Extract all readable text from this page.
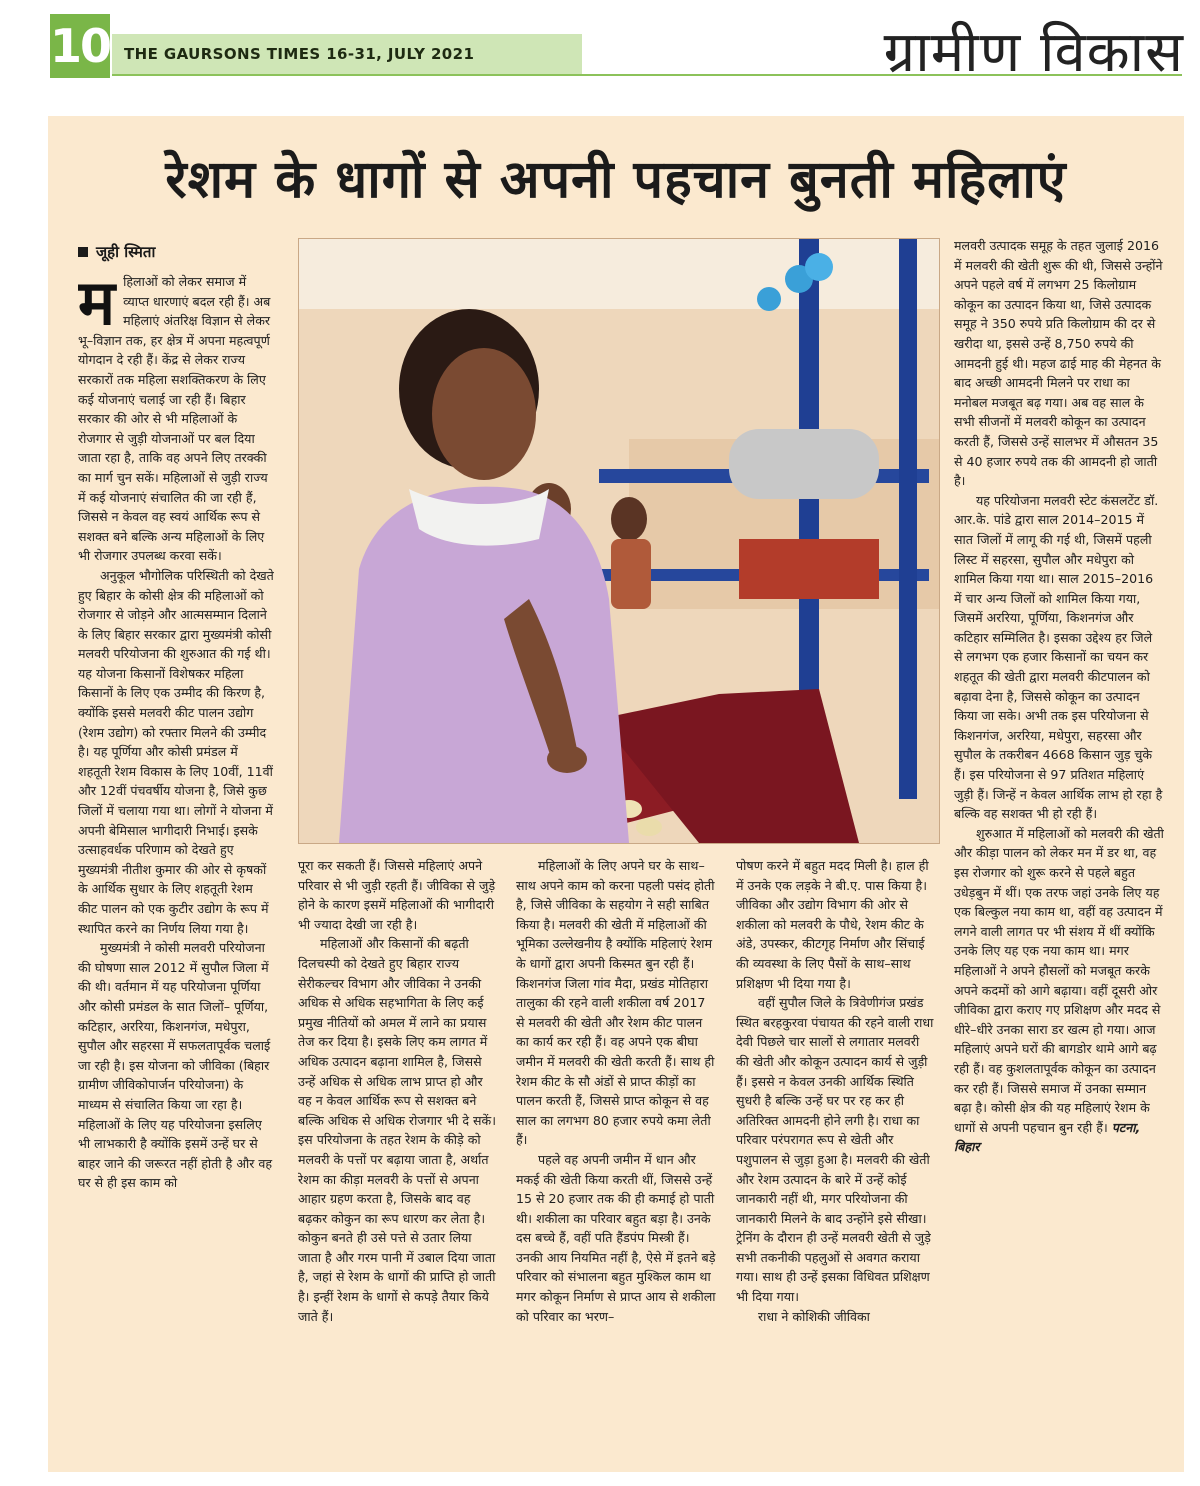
10 THE GAURSONS TIMES 16-31, JULY 2021	ग्रामीण विकास
रेशम के धागों से अपनी पहचान बुनती महिलाएं
जूही स्मिता

महिलाओं को लेकर समाज में व्याप्त धारणाएं बदल रही हैं। अब महिलाएं अंतरिक्ष विज्ञान से लेकर भू–विज्ञान तक, हर क्षेत्र में अपना महत्वपूर्ण योगदान दे रही हैं। केंद्र से लेकर राज्य सरकारों तक महिला सशक्तिकरण के लिए कई योजनाएं चलाई जा रही हैं। बिहार सरकार की ओर से भी महिलाओं के रोजगार से जुड़ी योजनाओं पर बल दिया जाता रहा है, ताकि वह अपने लिए तरक्की का मार्ग चुन सकें। महिलाओं से जुड़ी राज्य में कई योजनाएं संचालित की जा रही हैं, जिससे न केवल वह स्वयं आर्थिक रूप से सशक्त बने बल्कि अन्य महिलाओं के लिए भी रोजगार उपलब्ध करवा सकें।

अनुकूल भौगोलिक परिस्थिती को देखते हुए बिहार के कोसी क्षेत्र की महिलाओं को रोजगार से जोड़ने और आत्मसम्मान दिलाने के लिए बिहार सरकार द्वारा मुख्यमंत्री कोसी मलवरी परियोजना की शुरुआत की गई थी। यह योजना किसानों विशेषकर महिला किसानों के लिए एक उम्मीद की किरण है, क्योंकि इससे मलवरी कीट पालन उद्योग (रेशम उद्योग) को रफ्तार मिलने की उम्मीद है। यह पूर्णिया और कोसी प्रमंडल में शहतूती रेशम विकास के लिए 10वीं, 11वीं और 12वीं पंचवर्षीय योजना है, जिसे कुछ जिलों में चलाया गया था। लोगों ने योजना में अपनी बेमिसाल भागीदारी निभाई। इसके उत्साहवर्धक परिणाम को देखते हुए मुख्यमंत्री नीतीश कुमार की ओर से कृषकों के आर्थिक सुधार के लिए शहतूती रेशम कीट पालन को एक कुटीर उद्योग के रूप में स्थापित करने का निर्णय लिया गया है।

मुख्यमंत्री ने कोसी मलवरी परियोजना की घोषणा साल 2012 में सुपौल जिला में की थी। वर्तमान में यह परियोजना पूर्णिया और कोसी प्रमंडल के सात जिलों– पूर्णिया, कटिहार, अररिया, किशनगंज, मधेपुरा, सुपौल और सहरसा में सफलतापूर्वक चलाई जा रही है। इस योजना को जीविका (बिहार ग्रामीण जीविकोपार्जन परियोजना) के माध्यम से संचालित किया जा रहा है। महिलाओं के लिए यह परियोजना इसलिए भी लाभकारी है क्योंकि इसमें उन्हें घर से बाहर जाने की जरूरत नहीं होती है और वह घर से ही इस काम को

पूरा कर सकती हैं। जिससे महिलाएं अपने परिवार से भी जुड़ी रहती हैं। जीविका से जुड़े होने के कारण इसमें महिलाओं की भागीदारी भी ज्यादा देखी जा रही है।

महिलाओं और किसानों की बढ़ती दिलचस्पी को देखते हुए बिहार राज्य सेरीकल्चर विभाग और जीविका ने उनकी अधिक से अधिक सहभागिता के लिए कई प्रमुख नीतियों को अमल में लाने का प्रयास तेज कर दिया है। इसके लिए कम लागत में अधिक उत्पादन बढ़ाना शामिल है, जिससे उन्हें अधिक से अधिक लाभ प्राप्त हो और वह न केवल आर्थिक रूप से सशक्त बने बल्कि अधिक से अधिक रोजगार भी दे सकें। इस परियोजना के तहत रेशम के कीड़े को मलवरी के पत्तों पर बढ़ाया जाता है, अर्थात रेशम का कीड़ा मलवरी के पत्तों से अपना आहार ग्रहण करता है, जिसके बाद वह बढ़कर कोकुन का रूप धारण कर लेता है। कोकुन बनते ही उसे पत्ते से उतार लिया जाता है और गरम पानी में उबाल दिया जाता है, जहां से रेशम के धागों की प्राप्ति हो जाती है। इन्हीं रेशम के धागों से कपड़े तैयार किये जाते हैं।

महिलाओं के लिए अपने घर के साथ–साथ अपने काम को करना पहली पसंद होती है, जिसे जीविका के सहयोग ने सही साबित किया है। मलवरी की खेती में महिलाओं की भूमिका उल्लेखनीय है क्योंकि महिलाएं रेशम के धागों द्वारा अपनी किस्मत बुन रही हैं। किशनगंज जिला गांव मैदा, प्रखंड मोतिहारा तालुका की रहने वाली शकीला वर्ष 2017 से मलवरी की खेती और रेशम कीट पालन का कार्य कर रही हैं। वह अपने एक बीघा जमीन में मलवरी की खेती करती हैं। साथ ही रेशम कीट के सौ अंडों से प्राप्त कीड़ों का पालन करती हैं, जिससे प्राप्त कोकून से वह साल का लगभग 80 हजार रुपये कमा लेती हैं।

पहले वह अपनी जमीन में धान और मकई की खेती किया करती थीं, जिससे उन्हें 15 से 20 हजार तक की ही कमाई हो पाती थी। शकीला का परिवार बहुत बड़ा है। उनके दस बच्चे हैं, वहीं पति हैंडपंप मिस्त्री हैं। उनकी आय नियमित नहीं है, ऐसे में इतने बड़े परिवार को संभालना बहुत मुश्किल काम था मगर कोकून निर्माण से प्राप्त आय से शकीला को परिवार का भरण–

पोषण करने में बहुत मदद मिली है। हाल ही में उनके एक लड़के ने बी.ए. पास किया है। जीविका और उद्योग विभाग की ओर से शकीला को मलवरी के पौधे, रेशम कीट के अंडे, उपस्कर, कीटगृह निर्माण और सिंचाई की व्यवस्था के लिए पैसों के साथ–साथ प्रशिक्षण भी दिया गया है।

वहीं सुपौल जिले के त्रिवेणीगंज प्रखंड स्थित बरहकुरवा पंचायत की रहने वाली राधा देवी पिछले चार सालों से लगातार मलवरी की खेती और कोकून उत्पादन कार्य से जुड़ी हैं। इससे न केवल उनकी आर्थिक स्थिति सुधरी है बल्कि उन्हें घर पर रह कर ही अतिरिक्त आमदनी होने लगी है। राधा का परिवार परंपरागत रूप से खेती और पशुपालन से जुड़ा हुआ है। मलवरी की खेती और रेशम उत्पादन के बारे में उन्हें कोई जानकारी नहीं थी, मगर परियोजना की जानकारी मिलने के बाद उन्होंने इसे सीखा। ट्रेनिंग के दौरान ही उन्हें मलवरी खेती से जुड़े सभी तकनीकी पहलुओं से अवगत कराया गया। साथ ही उन्हें इसका विधिवत प्रशिक्षण भी दिया गया।

राधा ने कोशिकी जीविका

मलवरी उत्पादक समूह के तहत जुलाई 2016 में मलवरी की खेती शुरू की थी, जिससे उन्होंने अपने पहले वर्ष में लगभग 25 किलोग्राम कोकून का उत्पादन किया था, जिसे उत्पादक समूह ने 350 रुपये प्रति किलोग्राम की दर से खरीदा था, इससे उन्हें 8,750 रुपये की आमदनी हुई थी। महज ढाई माह की मेहनत के बाद अच्छी आमदनी मिलने पर राधा का मनोबल मजबूत बढ़ गया। अब वह साल के सभी सीजनों में मलवरी कोकून का उत्पादन करती हैं, जिससे उन्हें सालभर में औसतन 35 से 40 हजार रुपये तक की आमदनी हो जाती है।

यह परियोजना मलवरी स्टेट कंसलटेंट डॉ. आर.के. पांडे द्वारा साल 2014–2015 में सात जिलों में लागू की गई थी, जिसमें पहली लिस्ट में सहरसा, सुपौल और मधेपुरा को शामिल किया गया था। साल 2015–2016 में चार अन्य जिलों को शामिल किया गया, जिसमें अररिया, पूर्णिया, किशनगंज और कटिहार सम्मिलित है। इसका उद्देश्य हर जिले से लगभग एक हजार किसानों का चयन कर शहतूत की खेती द्वारा मलवरी कीटपालन को बढ़ावा देना है, जिससे कोकून का उत्पादन किया जा सके। अभी तक इस परियोजना से किशनगंज, अररिया, मधेपुरा, सहरसा और सुपौल के तकरीबन 4668 किसान जुड़ चुके हैं। इस परियोजना से 97 प्रतिशत महिलाएं जुड़ी हैं। जिन्हें न केवल आर्थिक लाभ हो रहा है बल्कि वह सशक्त भी हो रही हैं।

शुरुआत में महिलाओं को मलवरी की खेती और कीड़ा पालन को लेकर मन में डर था, वह इस रोजगार को शुरू करने से पहले बहुत उधेड़बुन में थीं। एक तरफ जहां उनके लिए यह एक बिल्कुल नया काम था, वहीं वह उत्पादन में लगने वाली लागत पर भी संशय में थीं क्योंकि उनके लिए यह एक नया काम था। मगर महिलाओं ने अपने हौसलों को मजबूत करके अपने कदमों को आगे बढ़ाया। वहीं दूसरी ओर जीविका द्वारा कराए गए प्रशिक्षण और मदद से धीरे–धीरे उनका सारा डर खत्म हो गया। आज महिलाएं अपने घरों की बागडोर थामे आगे बढ़ रही हैं। वह कुशलतापूर्वक कोकून का उत्पादन कर रही हैं। जिससे समाज में उनका सम्मान बढ़ा है। कोसी क्षेत्र की यह महिलाएं रेशम के धागों से अपनी पहचान बुन रही हैं। पटना, बिहार
